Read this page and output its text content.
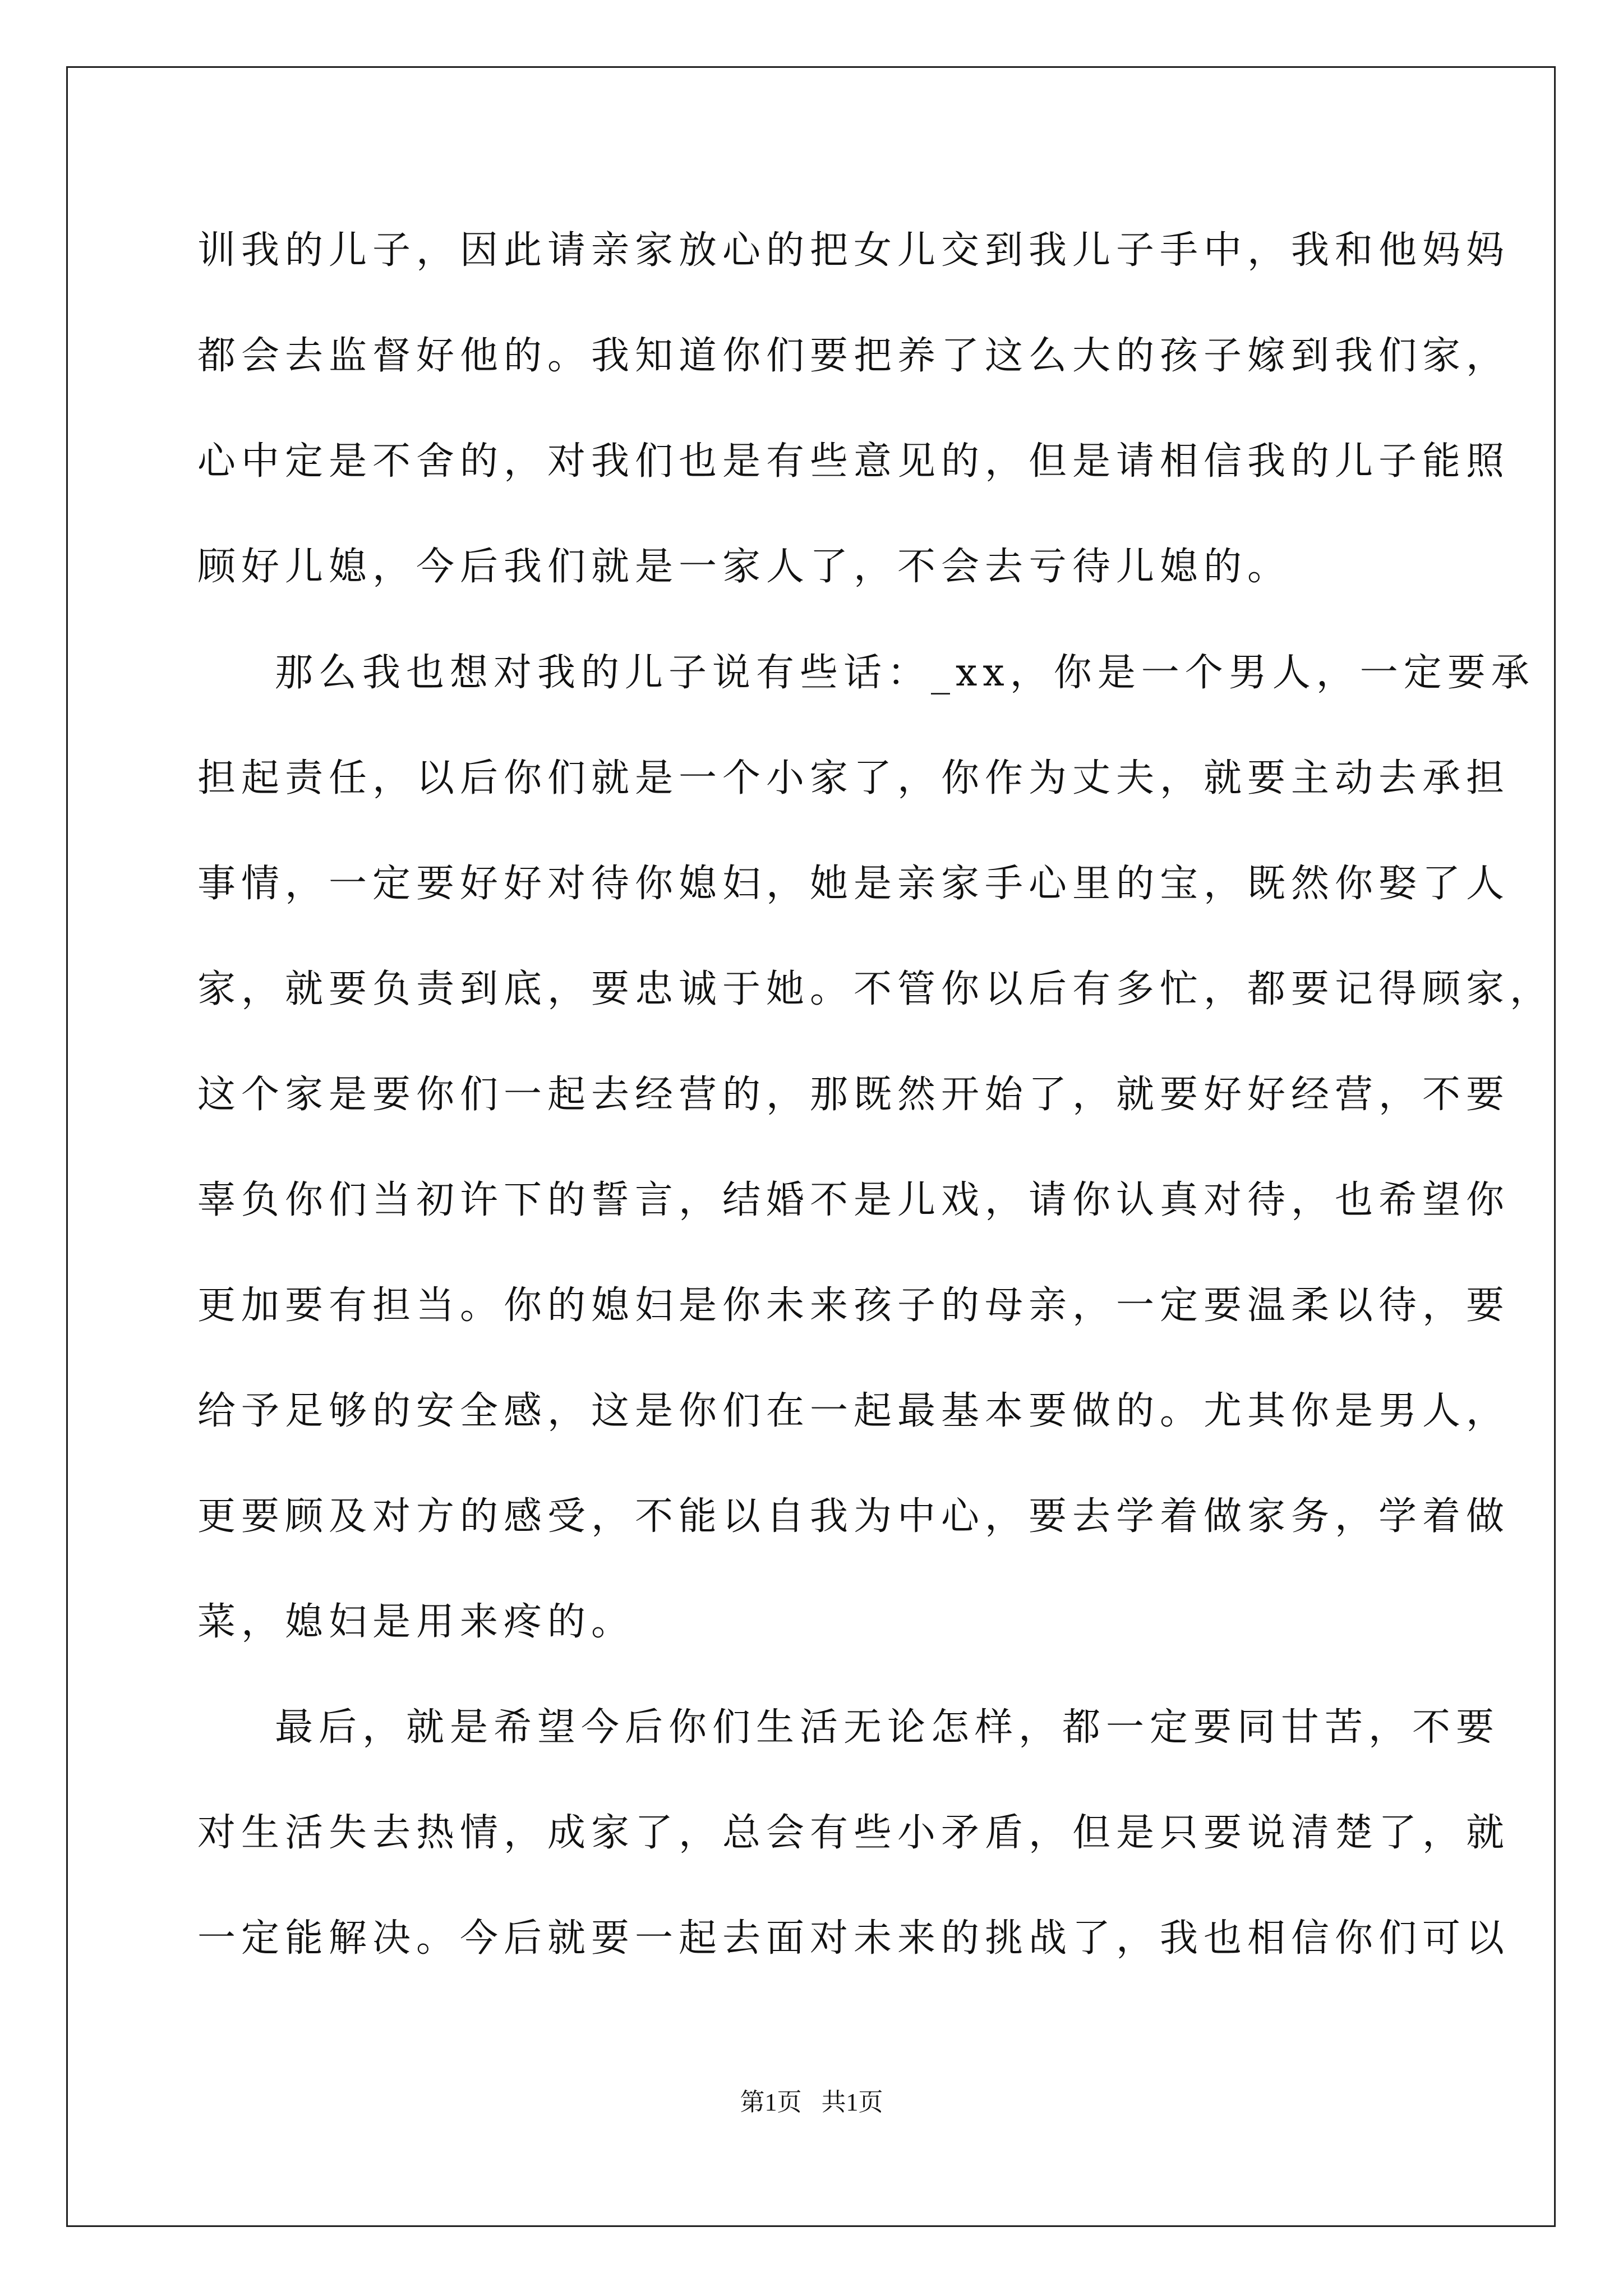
训我的儿子，因此请亲家放心的把女儿交到我儿子手中，我和他妈妈
都会去监督好他的。我知道你们要把养了这么大的孩子嫁到我们家，
心中定是不舍的，对我们也是有些意见的，但是请相信我的儿子能照
顾好儿媳，今后我们就是一家人了，不会去亏待儿媳的。
那么我也想对我的儿子说有些话：_xx，你是一个男人，一定要承
担起责任，以后你们就是一个小家了，你作为丈夫，就要主动去承担
事情，一定要好好对待你媳妇，她是亲家手心里的宝，既然你娶了人
家，就要负责到底，要忠诚于她。不管你以后有多忙，都要记得顾家，
这个家是要你们一起去经营的，那既然开始了，就要好好经营，不要
辜负你们当初许下的誓言，结婚不是儿戏，请你认真对待，也希望你
更加要有担当。你的媳妇是你未来孩子的母亲，一定要温柔以待，要
给予足够的安全感，这是你们在一起最基本要做的。尤其你是男人，
更要顾及对方的感受，不能以自我为中心，要去学着做家务，学着做
菜，媳妇是用来疼的。
最后，就是希望今后你们生活无论怎样，都一定要同甘苦，不要
对生活失去热情，成家了，总会有些小矛盾，但是只要说清楚了，就
一定能解决。今后就要一起去面对未来的挑战了，我也相信你们可以
第1页 共1页
